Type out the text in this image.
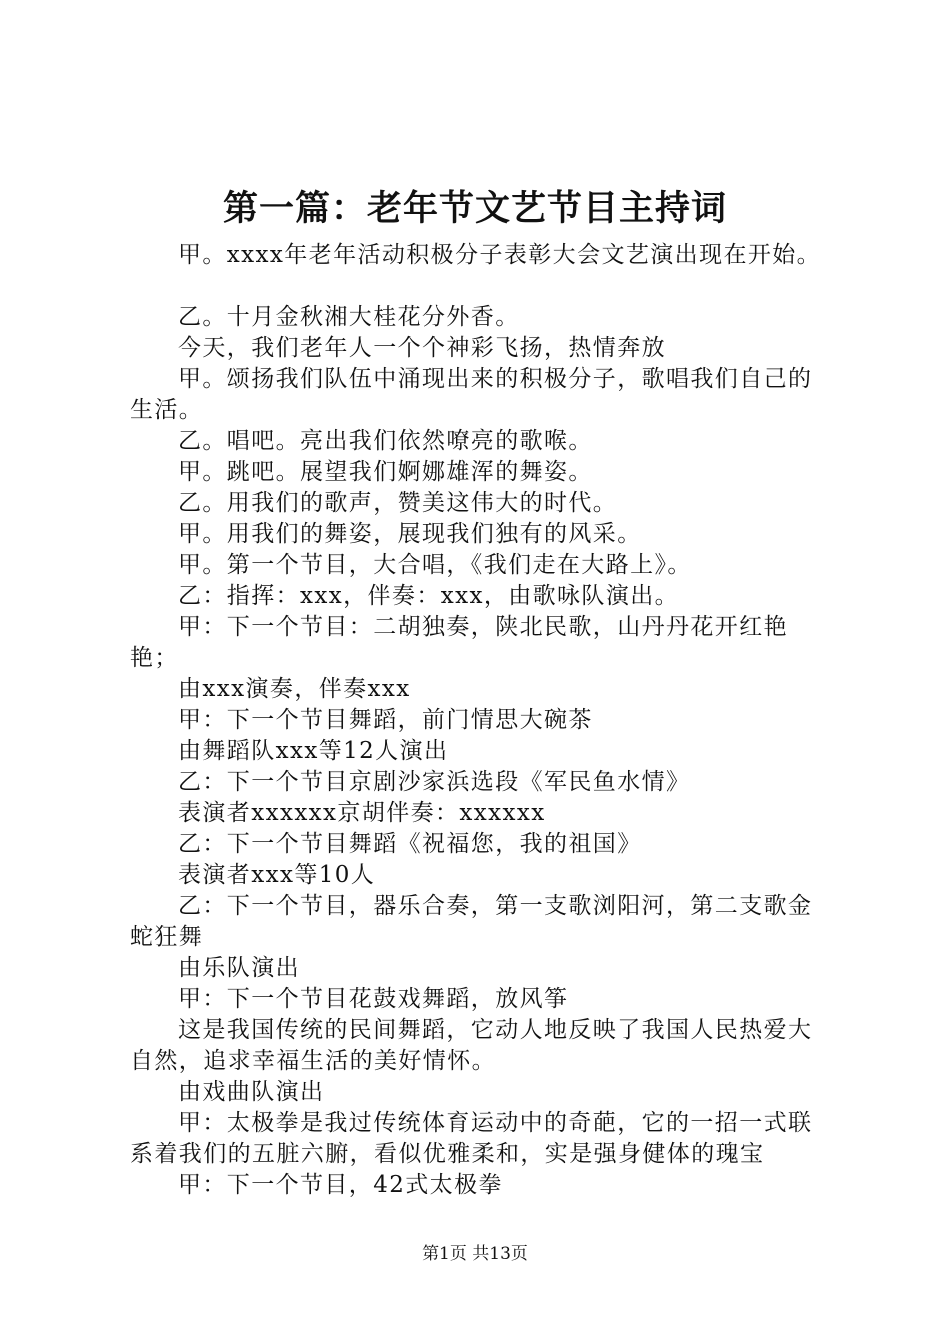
第一篇：老年节文艺节目主持词

甲。xxxx年老年活动积极分子表彰大会文艺演出现在开始。

乙。十月金秋湘大桂花分外香。

今天，我们老年人一个个神彩飞扬，热情奔放

甲。颂扬我们队伍中涌现出来的积极分子，歌唱我们自己的生活。

乙。唱吧。亮出我们依然嘹亮的歌喉。

甲。跳吧。展望我们婀娜雄浑的舞姿。

乙。用我们的歌声，赞美这伟大的时代。

甲。用我们的舞姿，展现我们独有的风采。

甲。第一个节目，大合唱，《我们走在大路上》。

乙：指挥：xxx，伴奏：xxx，由歌咏队演出。

甲：下一个节目：二胡独奏，陕北民歌，山丹丹花开红艳艳；

由xxx演奏，伴奏xxx

甲：下一个节目舞蹈，前门情思大碗茶

由舞蹈队xxx等12人演出

乙：下一个节目京剧沙家浜选段《军民鱼水情》

表演者xxxxxx京胡伴奏：xxxxxx

乙：下一个节目舞蹈《祝福您，我的祖国》

表演者xxx等10人

乙：下一个节目，器乐合奏，第一支歌浏阳河，第二支歌金蛇狂舞

由乐队演出

甲：下一个节目花鼓戏舞蹈，放风筝

这是我国传统的民间舞蹈，它动人地反映了我国人民热爱大自然，追求幸福生活的美好情怀。

由戏曲队演出

甲：太极拳是我过传统体育运动中的奇葩，它的一招一式联系着我们的五脏六腑，看似优雅柔和，实是强身健体的瑰宝

甲：下一个节目，42式太极拳

第1页 共13页
